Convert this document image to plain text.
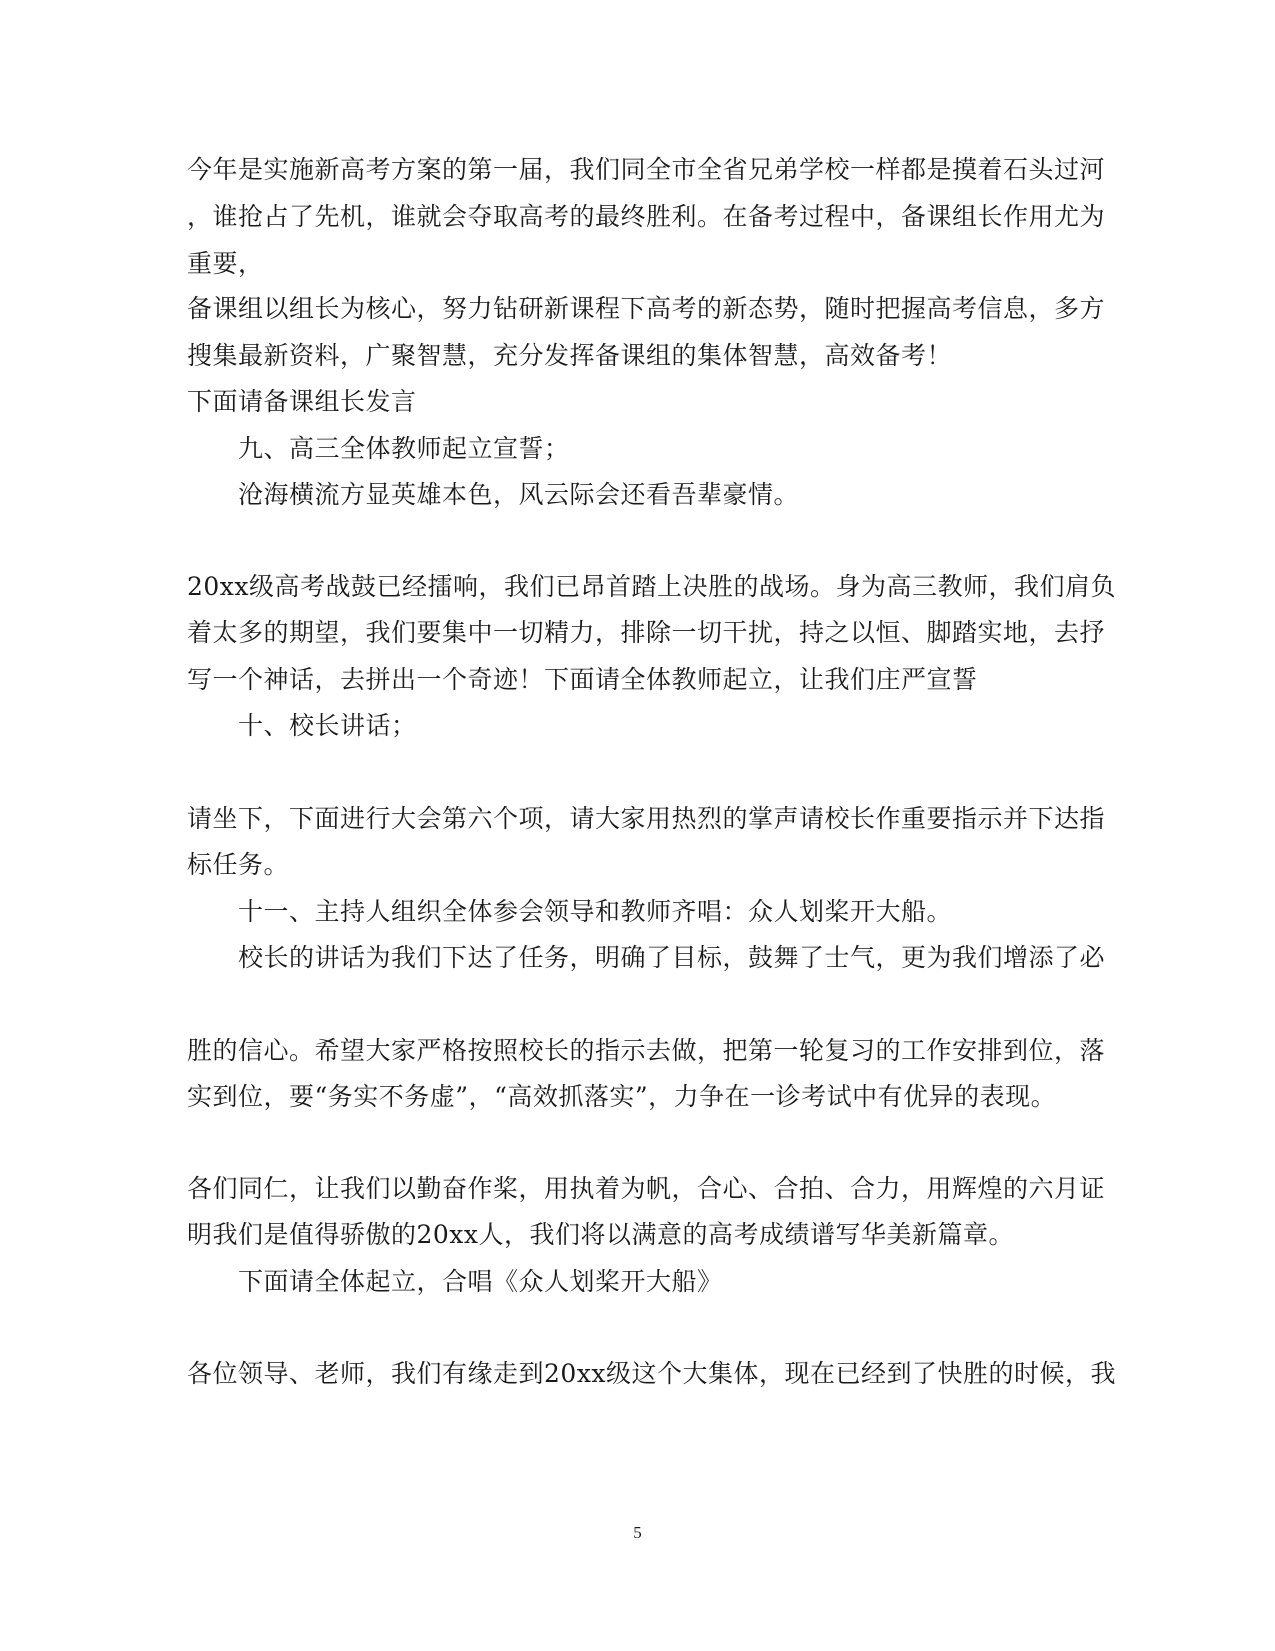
今年是实施新高考方案的第一届，我们同全市全省兄弟学校一样都是摸着石头过河
，谁抢占了先机，谁就会夺取高考的最终胜利。在备考过程中，备课组长作用尤为
重要，
备课组以组长为核心，努力钻研新课程下高考的新态势，随时把握高考信息，多方
搜集最新资料，广聚智慧，充分发挥备课组的集体智慧，高效备考！
下面请备课组长发言
九、高三全体教师起立宣誓；
沧海横流方显英雄本色，风云际会还看吾辈豪情。
20xx级高考战鼓已经擂响，我们已昂首踏上决胜的战场。身为高三教师，我们肩负
着太多的期望，我们要集中一切精力，排除一切干扰，持之以恒、脚踏实地，去抒
写一个神话，去拼出一个奇迹！下面请全体教师起立，让我们庄严宣誓
十、校长讲话；
请坐下，下面进行大会第六个项，请大家用热烈的掌声请校长作重要指示并下达指
标任务。
十一、主持人组织全体参会领导和教师齐唱：众人划桨开大船。
校长的讲话为我们下达了任务，明确了目标，鼓舞了士气，更为我们增添了必
胜的信心。希望大家严格按照校长的指示去做，把第一轮复习的工作安排到位，落
实到位，要“务实不务虚”，“高效抓落实”，力争在一诊考试中有优异的表现。
各们同仁，让我们以勤奋作桨，用执着为帆，合心、合拍、合力，用辉煌的六月证
明我们是值得骄傲的20xx人，我们将以满意的高考成绩谱写华美新篇章。
下面请全体起立，合唱《众人划桨开大船》
各位领导、老师，我们有缘走到20xx级这个大集体，现在已经到了快胜的时候，我
5
